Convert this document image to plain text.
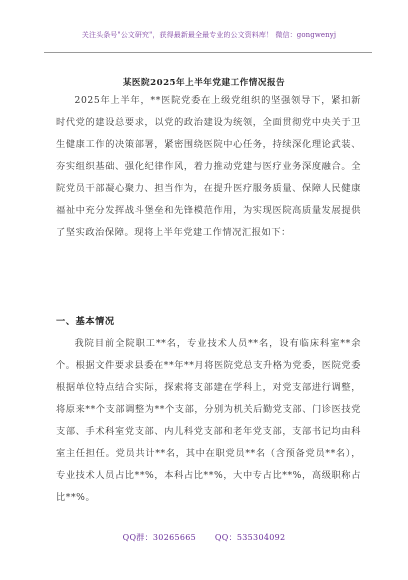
关注头条号"公文研究"，获得最新最全最专业的公文资料库！ 微信：gongwenyj
某医院2025年上半年党建工作情况报告
2025年上半年，**医院党委在上级党组织的坚强领导下，紧扣新时代党的建设总要求，以党的政治建设为统领，全面贯彻党中央关于卫生健康工作的决策部署，紧密围绕医院中心任务，持续深化理论武装、夯实组织基础、强化纪律作风，着力推动党建与医疗业务深度融合。全院党员干部凝心聚力、担当作为，在提升医疗服务质量、保障人民健康福祉中充分发挥战斗堡垒和先锋模范作用，为实现医院高质量发展提供了坚实政治保障。现将上半年党建工作情况汇报如下：
一、基本情况
我院目前全院职工**名，专业技术人员**名，设有临床科室**余个。根据文件要求县委在**年**月将医院党总支升格为党委，医院党委根据单位特点结合实际，探索将支部建在学科上，对党支部进行调整，将原来**个支部调整为**个支部，分别为机关后勤党支部、门诊医技党支部、手术科室党支部、内儿科党支部和老年党支部，支部书记均由科室主任担任。党员共计**名，其中在职党员**名（含预备党员**名），专业技术人员占比**%，本科占比**%，大中专占比**%，高级职称占比**%。
QQ群：30265665 QQ：535304092
